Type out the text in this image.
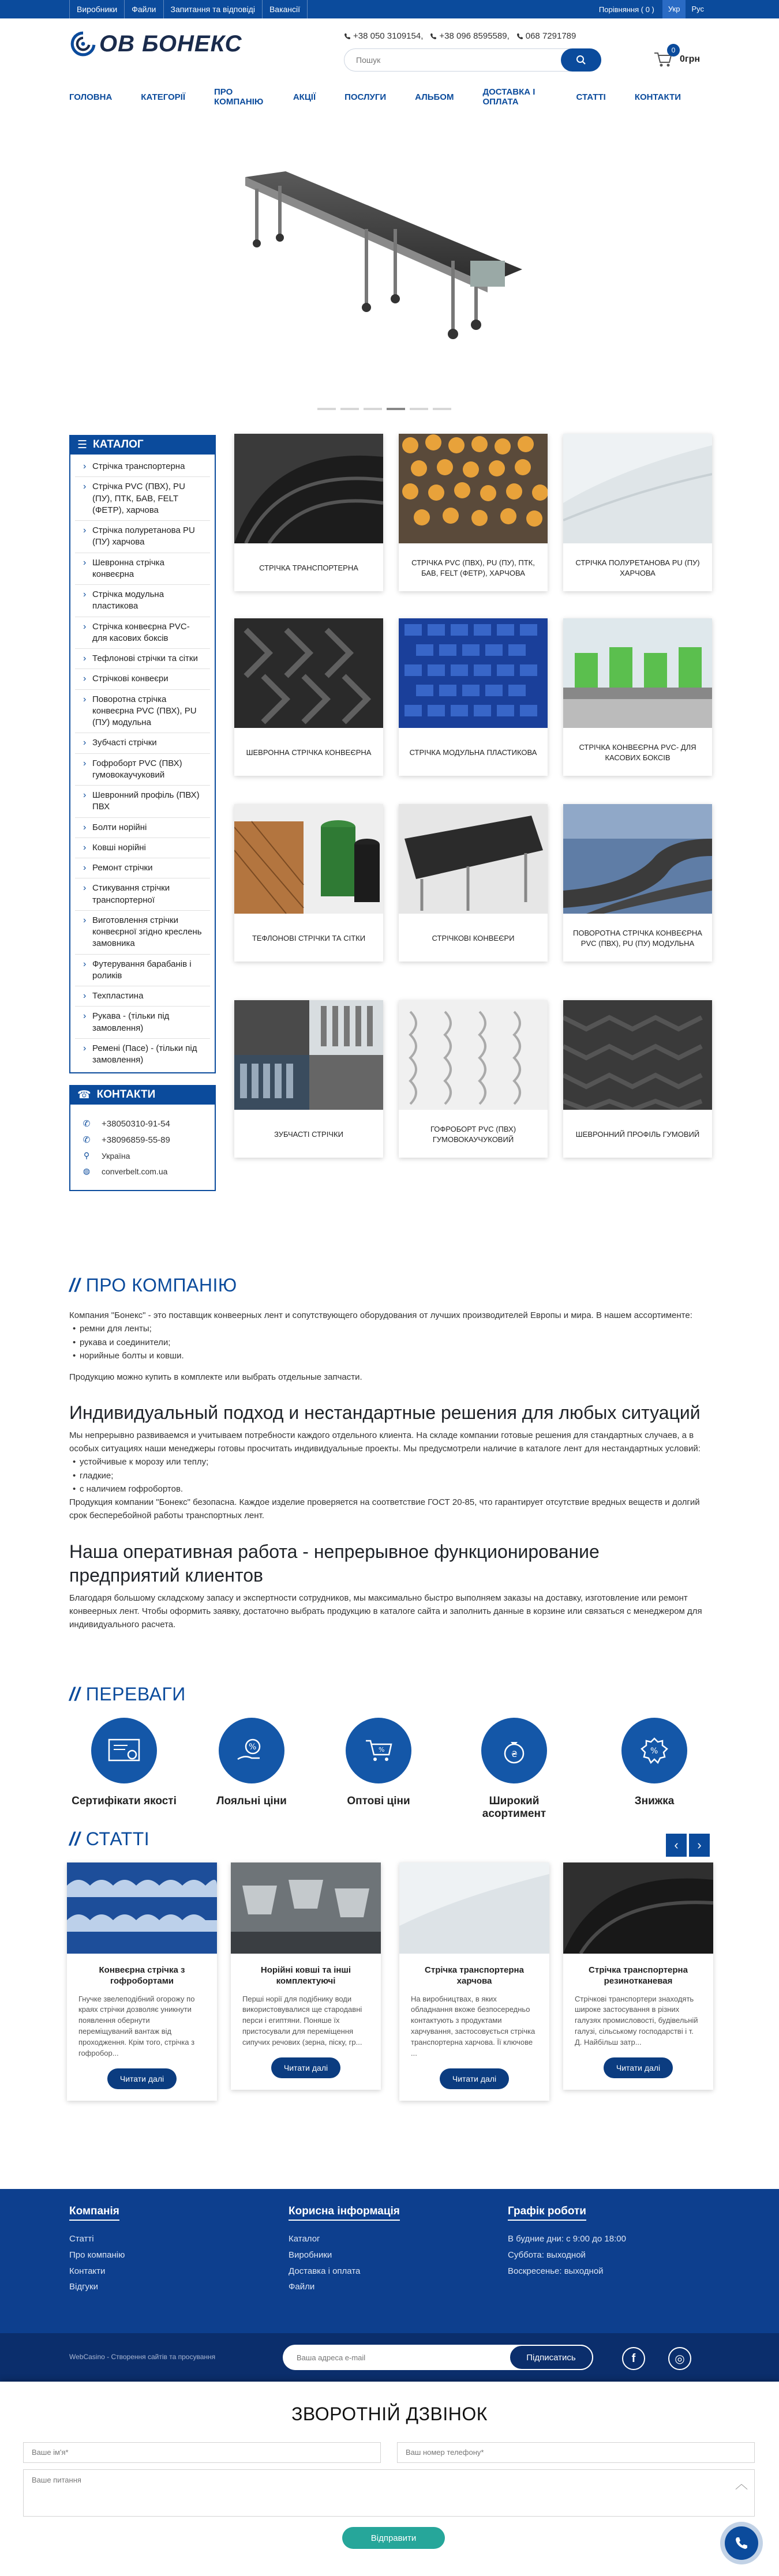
Виробники	Файли	Запитання та відповіді	Вакансії	Порівняння ( 0 )	Укр	Рус
ОВ БОНЕКС	+38 050 3109154, +38 096 8595589, 068 7291789
Пошук
0
0грн
ГОЛОВНА	КАТЕГОРІЇ	ПРО КОМПАНІЮ	АКЦІЇ	ПОСЛУГИ	АЛЬБОМ	ДОСТАВКА І ОПЛАТА	СТАТТІ	КОНТАКТИ
☰ КАТАЛОГ
› Стрічка транспортерна
› Стрічка PVC (ПВХ), PU (ПУ), ПТК, БАВ, FELT (ФЕТР), харчова
› Стрічка полуретанова PU (ПУ) харчова
› Шевронна стрічка конвеєрна
› Стрічка модульна пластикова
› Стрічка конвеєрна PVC- для касових боксів
› Тефлонові стрічки та сітки
› Стрічкові конвеєри
› Поворотна стрічка конвеєрна PVC (ПВХ), PU (ПУ) модульна
› Зубчасті стрічки
› Гофроборт PVC (ПВХ) гумовокаучуковий
› Шевронний профіль (ПВХ) ПВХ
› Болти норійні
› Ковші норійні
› Ремонт стрічки
› Стикування стрічки транспортерної
› Виготовлення стрічки конвеєрної згідно креслень замовника
› Футерування барабанів і роликів
› Техпластина
› Рукава - (тільки під замовлення)
› Ремені (Пасе) - (тільки під замовлення)
☎ КОНТАКТИ
✆	+38050310-91-54
✆	+38096859-55-89
⚲	Україна
◍	converbelt.com.ua
СТРІЧКА ТРАНСПОРТЕРНА
СТРІЧКА PVC (ПВХ), PU (ПУ), ПТК, БАВ, FELT (ФЕТР), ХАРЧОВА
СТРІЧКА ПОЛУРЕТАНОВА PU (ПУ) ХАРЧОВА
ШЕВРОННА СТРІЧКА КОНВЕЄРНА	СТРІЧКА МОДУЛЬНА ПЛАСТИКОВА
СТРІЧКА КОНВЕЄРНА PVC- ДЛЯ КАСОВИХ БОКСІВ
ТЕФЛОНОВІ СТРІЧКИ ТА СІТКИ	СТРІЧКОВІ КОНВЕЄРИ
ПОВОРОТНА СТРІЧКА КОНВЕЄРНА PVC (ПВХ), PU (ПУ) МОДУЛЬНА
ЗУБЧАСТІ СТРІЧКИ
ГОФРОБОРТ PVC (ПВХ) ГУМОВОКАУЧУКОВИЙ
ШЕВРОННИЙ ПРОФІЛЬ ГУМОВИЙ
// ПРО КОМПАНІЮ

Компания "Бонекс" - это поставщик конвеерных лент и сопутствующего оборудования от лучших производителей Европы и мира. В нашем ассортименте:

• ремни для ленты;
• рукава и соединители;
• норийные болты и ковши.

Продукцию можно купить в комплекте или выбрать отдельные запчасти.

Индивидуальный подход и нестандартные решения для любых ситуаций

Мы непрерывно развиваемся и учитываем потребности каждого отдельного клиента. На складе компании готовые решения для стандартных случаев, а в особых ситуациях наши менеджеры готовы просчитать индивидуальные проекты. Мы предусмотрели наличие в каталоге лент для нестандартных условий:

• устойчивые к морозу или теплу;
• гладкие;
• с наличием гофробортов.

Продукция компании "Бонекс" безопасна. Каждое изделие проверяется на соответствие ГОСТ 20-85, что гарантирует отсутствие вредных веществ и долгий срок бесперебойной работы транспортных лент.

Наша оперативная работа - непрерывное функционирование предприятий клиентов

Благодаря большому складскому запасу и экспертности сотрудников, мы максимально быстро выполняем заказы на доставку, изготовление или ремонт конвеерных лент. Чтобы оформить заявку, достаточно выбрать продукцию в каталоге сайта и заполнить данные в корзине или связаться с менеджером для индивидуального расчета.

// ПЕРЕВАГИ
Сертифікати якості
%
Лояльні ціни
%
Оптові ціни
₴
Широкий асортимент
%
Знижка
// СТАТТІ	‹	›
Конвеєрна стрічка з гофробортами
Гнучке звелеподібний огорожу по краях стрічки дозволяє уникнути появлення обернути переміщуваний вантаж від проходження. Крім того, стрічка з гофробор...
Читати далі
Норійні ковші та інші комплектуючі
Перші норії для подібнику води використовувалися ще стародавні перси і египтяни. Поняше їх пристосували для переміщення сипучих речових (зерна, піску, гр...
Читати далі
Стрічка транспортерна харчова
На виробництвах, в яких обладнання вкоже безпосередньо контактують з продуктами харчування, застосовується стрічка транспортерна харчова. Її ключове ...
Читати далі
Стрічка транспортерна резинотканевая
Стрічкові транспортери знаходять широке застосування в різних галузях промисловості, будівельній галузі, сільському господарстві і т. Д. Найбільш затр...
Читати далі
Компанія
Статті
Про компанію
Контакти
Відгуки
Корисна інформація
Каталог
Виробники
Доставка і оплата
Файли
Графік роботи
В будние дни: с 9:00 до 18:00
Суббота: выходной
Воскресенье: выходной
WebCasino - Створення сайтів та просування
Ваша адреса e-mail	Підписатись	f	◎
ЗВОРОТНІЙ ДЗВІНОК
Ваше ім'я*	Ваш номер телефону*
Ваше питання
Відправити
︿
